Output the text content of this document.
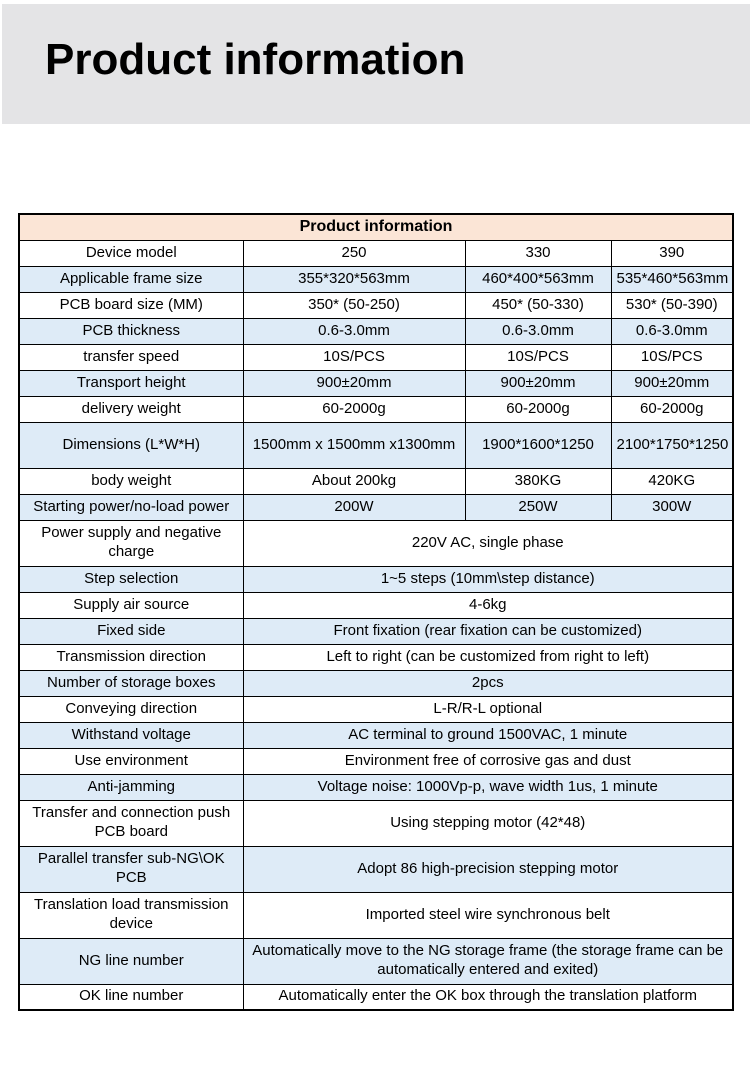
Product information
Product information			
Device model	250	330	390
Applicable frame size	355*320*563mm	460*400*563mm	535*460*563mm
PCB board size (MM)	350* (50-250)	450* (50-330)	530* (50-390)
PCB thickness	0.6-3.0mm	0.6-3.0mm	0.6-3.0mm
transfer speed	10S/PCS	10S/PCS	10S/PCS
Transport height	900±20mm	900±20mm	900±20mm
delivery weight	60-2000g	60-2000g	60-2000g
Dimensions (L*W*H)	1500mm x 1500mm x1300mm	1900*1600*1250	2100*1750*1250
body weight	About 200kg	380KG	420KG
Starting power/no-load power	200W	250W	300W
Power supply and negative charge	220V AC, single phase		
Step selection	1~5 steps (10mm\step distance)		
Supply air source	4-6kg		
Fixed side	Front fixation (rear fixation can be customized)		
Transmission direction	Left to right (can be customized from right to left)		
Number of storage boxes	2pcs		
Conveying direction	L-R/R-L optional		
Withstand voltage	AC terminal to ground 1500VAC, 1 minute		
Use environment	Environment free of corrosive gas and dust		
Anti-jamming	Voltage noise: 1000Vp-p, wave width 1us, 1 minute		
Transfer and connection push PCB board	Using stepping motor (42*48)		
Parallel transfer sub-NG\OK PCB	Adopt 86 high-precision stepping motor		
Translation load transmission device	Imported steel wire synchronous belt		
NG line number	Automatically move to the NG storage frame (the storage frame can be automatically entered and exited)		
OK line number	Automatically enter the OK box through the translation platform		
